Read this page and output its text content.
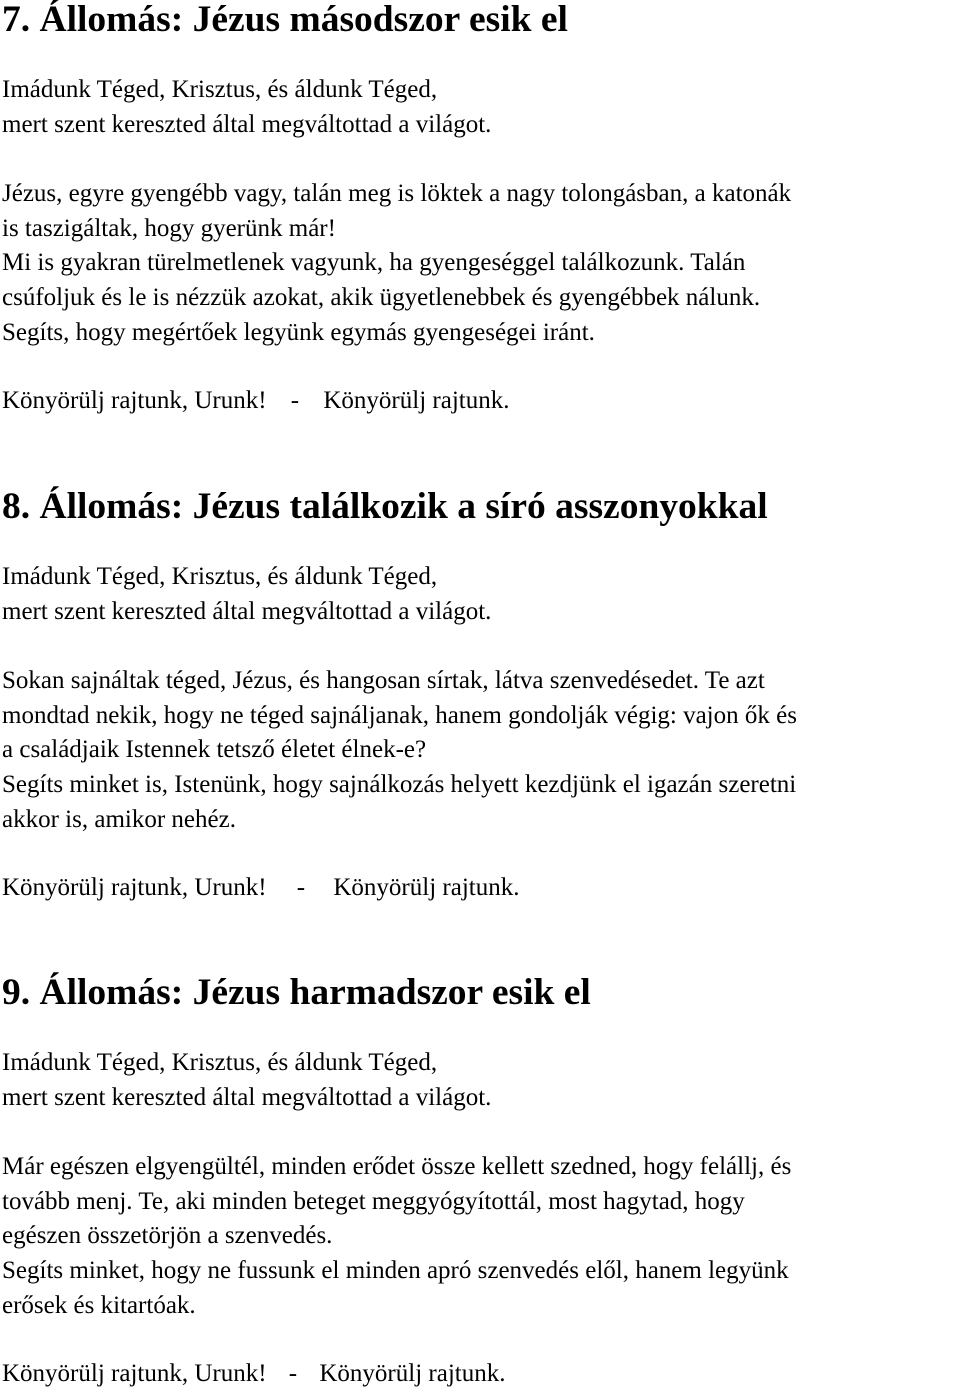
7. Állomás: Jézus másodszor esik el

Imádunk Téged, Krisztus, és áldunk Téged,
mert szent kereszted által megváltottad a világot.

Jézus, egyre gyengébb vagy, talán meg is löktek a nagy tolongásban, a katonák
is taszigáltak, hogy gyerünk már!
Mi is gyakran türelmetlenek vagyunk, ha gyengeséggel találkozunk. Talán
csúfoljuk és le is nézzük azokat, akik ügyetlenebbek és gyengébbek nálunk.
Segíts, hogy megértőek legyünk egymás gyengeségei iránt.

Könyörülj rajtunk, Urunk! - Könyörülj rajtunk.

8. Állomás: Jézus találkozik a síró asszonyokkal

Imádunk Téged, Krisztus, és áldunk Téged,
mert szent kereszted által megváltottad a világot.

Sokan sajnáltak téged, Jézus, és hangosan sírtak, látva szenvedésedet. Te azt
mondtad nekik, hogy ne téged sajnáljanak, hanem gondolják végig: vajon ők és
a családjaik Istennek tetsző életet élnek-e?
Segíts minket is, Istenünk, hogy sajnálkozás helyett kezdjünk el igazán szeretni
akkor is, amikor nehéz.

Könyörülj rajtunk, Urunk! - Könyörülj rajtunk.

9. Állomás: Jézus harmadszor esik el

Imádunk Téged, Krisztus, és áldunk Téged,
mert szent kereszted által megváltottad a világot.

Már egészen elgyengültél, minden erődet össze kellett szedned, hogy felállj, és
tovább menj. Te, aki minden beteget meggyógyítottál, most hagytad, hogy
egészen összetörjön a szenvedés.
Segíts minket, hogy ne fussunk el minden apró szenvedés elől, hanem legyünk
erősek és kitartóak.

Könyörülj rajtunk, Urunk! - Könyörülj rajtunk.
